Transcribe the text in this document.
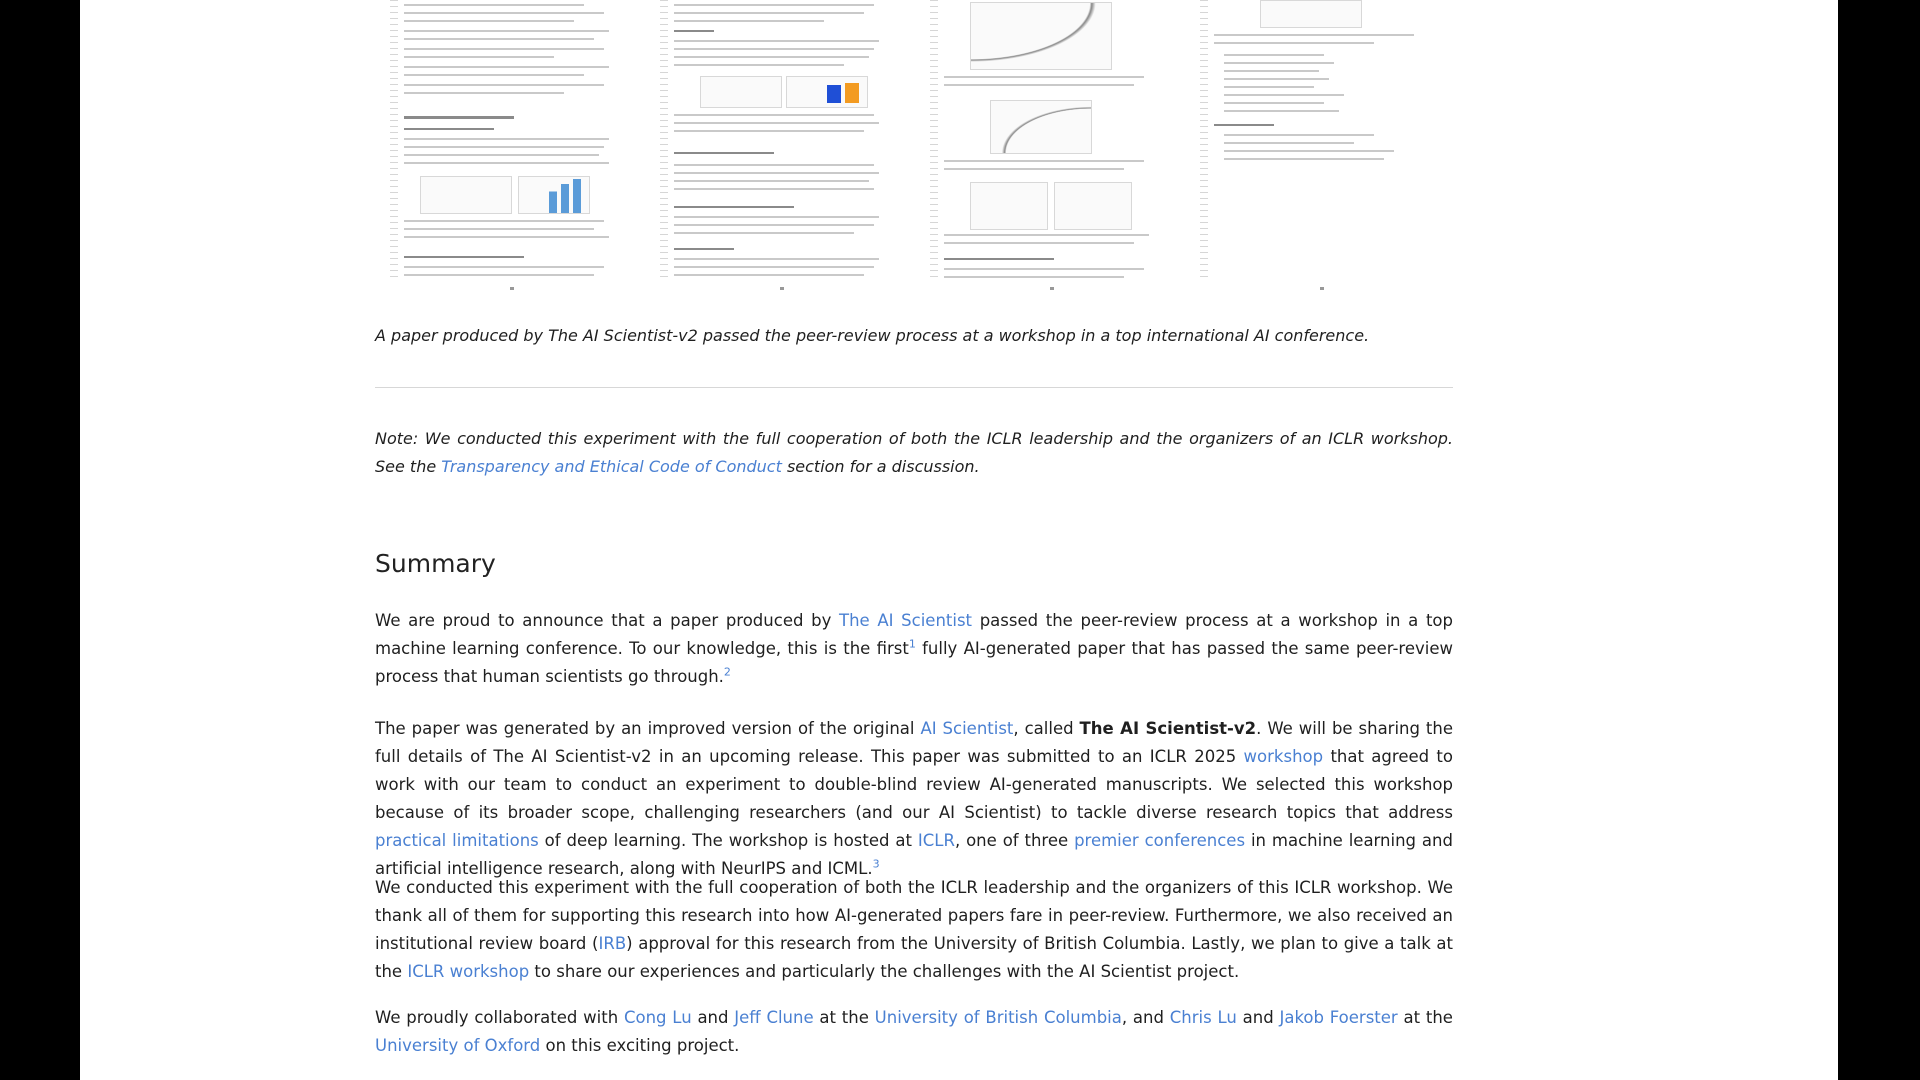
A paper produced by The AI Scientist-v2 passed the peer-review process at a workshop in a top international AI conference.

Note: We conducted this experiment with the full cooperation of both the ICLR leadership and the organizers of an ICLR workshop. See the Transparency and Ethical Code of Conduct section for a discussion.

Summary

We are proud to announce that a paper produced by The AI Scientist passed the peer-review process at a workshop in a top machine learning conference. To our knowledge, this is the first$^1$ fully AI-generated paper that has passed the same peer-review process that human scientists go through.$^2$

The paper was generated by an improved version of the original AI Scientist, called The AI Scientist-v2. We will be sharing the full details of The AI Scientist-v2 in an upcoming release. This paper was submitted to an ICLR 2025 workshop that agreed to work with our team to conduct an experiment to double-blind review AI-generated manuscripts. We selected this workshop because of its broader scope, challenging researchers (and our AI Scientist) to tackle diverse research topics that address practical limitations of deep learning. The workshop is hosted at ICLR, one of three premier conferences in machine learning and artificial intelligence research, along with NeurIPS and ICML.$^3$

We conducted this experiment with the full cooperation of both the ICLR leadership and the organizers of this ICLR workshop. We thank all of them for supporting this research into how AI-generated papers fare in peer-review. Furthermore, we also received an institutional review board (IRB) approval for this research from the University of British Columbia. Lastly, we plan to give a talk at the ICLR workshop to share our experiences and particularly the challenges with the AI Scientist project.

We proudly collaborated with Cong Lu and Jeff Clune at the University of British Columbia, and Chris Lu and Jakob Foerster at the University of Oxford on this exciting project.
